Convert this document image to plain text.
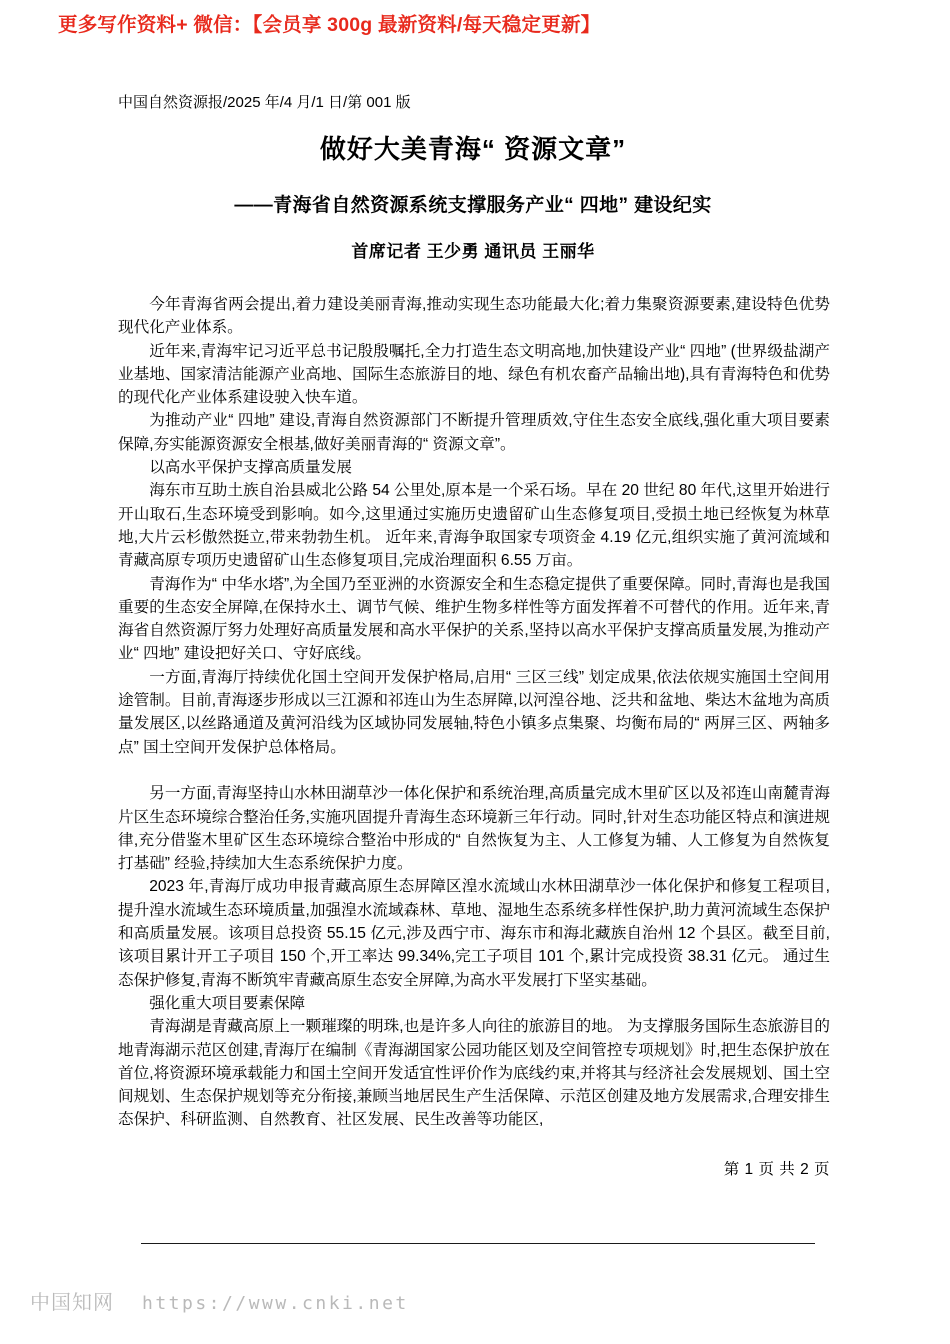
更多写作资料+ 微信：【会员享 300g 最新资料/每天稳定更新】
中国自然资源报/2025 年/4 月/1 日/第 001 版
做好大美青海“ 资源文章”
——青海省自然资源系统支撑服务产业“ 四地” 建设纪实
首席记者 王少勇 通讯员 王丽华

今年青海省两会提出,着力建设美丽青海,推动实现生态功能最大化;着力集聚资源要素,建设特色优势现代化产业体系。

近年来,青海牢记习近平总书记殷殷嘱托,全力打造生态文明高地,加快建设产业“ 四地” (世界级盐湖产业基地、国家清洁能源产业高地、国际生态旅游目的地、绿色有机农畜产品输出地),具有青海特色和优势的现代化产业体系建设驶入快车道。

为推动产业“ 四地” 建设,青海自然资源部门不断提升管理质效,守住生态安全底线,强化重大项目要素保障,夯实能源资源安全根基,做好美丽青海的“ 资源文章”。

以高水平保护支撑高质量发展

海东市互助土族自治县威北公路 54 公里处,原本是一个采石场。早在 20 世纪 80 年代,这里开始进行开山取石,生态环境受到影响。如今,这里通过实施历史遗留矿山生态修复项目,受损土地已经恢复为林草地,大片云杉傲然挺立,带来勃勃生机。 近年来,青海争取国家专项资金 4.19 亿元,组织实施了黄河流域和青藏高原专项历史遗留矿山生态修复项目,完成治理面积 6.55 万亩。

青海作为“ 中华水塔”,为全国乃至亚洲的水资源安全和生态稳定提供了重要保障。同时,青海也是我国重要的生态安全屏障,在保持水土、调节气候、维护生物多样性等方面发挥着不可替代的作用。近年来,青海省自然资源厅努力处理好高质量发展和高水平保护的关系,坚持以高水平保护支撑高质量发展,为推动产业“ 四地” 建设把好关口、守好底线。

一方面,青海厅持续优化国土空间开发保护格局,启用“ 三区三线” 划定成果,依法依规实施国土空间用途管制。目前,青海逐步形成以三江源和祁连山为生态屏障,以河湟谷地、泛共和盆地、柴达木盆地为高质量发展区,以丝路通道及黄河沿线为区域协同发展轴,特色小镇多点集聚、均衡布局的“ 两屏三区、两轴多点” 国土空间开发保护总体格局。

另一方面,青海坚持山水林田湖草沙一体化保护和系统治理,高质量完成木里矿区以及祁连山南麓青海片区生态环境综合整治任务,实施巩固提升青海生态环境新三年行动。同时,针对生态功能区特点和演进规律,充分借鉴木里矿区生态环境综合整治中形成的“ 自然恢复为主、人工修复为辅、人工修复为自然恢复打基础” 经验,持续加大生态系统保护力度。

2023 年,青海厅成功申报青藏高原生态屏障区湟水流域山水林田湖草沙一体化保护和修复工程项目,提升湟水流域生态环境质量,加强湟水流域森林、草地、湿地生态系统多样性保护,助力黄河流域生态保护和高质量发展。该项目总投资 55.15 亿元,涉及西宁市、海东市和海北藏族自治州 12 个县区。截至目前,该项目累计开工子项目 150 个,开工率达 99.34%,完工子项目 101 个,累计完成投资 38.31 亿元。 通过生态保护修复,青海不断筑牢青藏高原生态安全屏障,为高水平发展打下坚实基础。

强化重大项目要素保障

青海湖是青藏高原上一颗璀璨的明珠,也是许多人向往的旅游目的地。 为支撑服务国际生态旅游目的地青海湖示范区创建,青海厅在编制《青海湖国家公园功能区划及空间管控专项规划》时,把生态保护放在首位,将资源环境承载能力和国土空间开发适宜性评价作为底线约束,并将其与经济社会发展规划、国土空间规划、生态保护规划等充分衔接,兼顾当地居民生产生活保障、示范区创建及地方发展需求,合理安排生态保护、科研监测、自然教育、社区发展、民生改善等功能区,

第 1 页 共 2 页
中国知网 https://www.cnki.net
